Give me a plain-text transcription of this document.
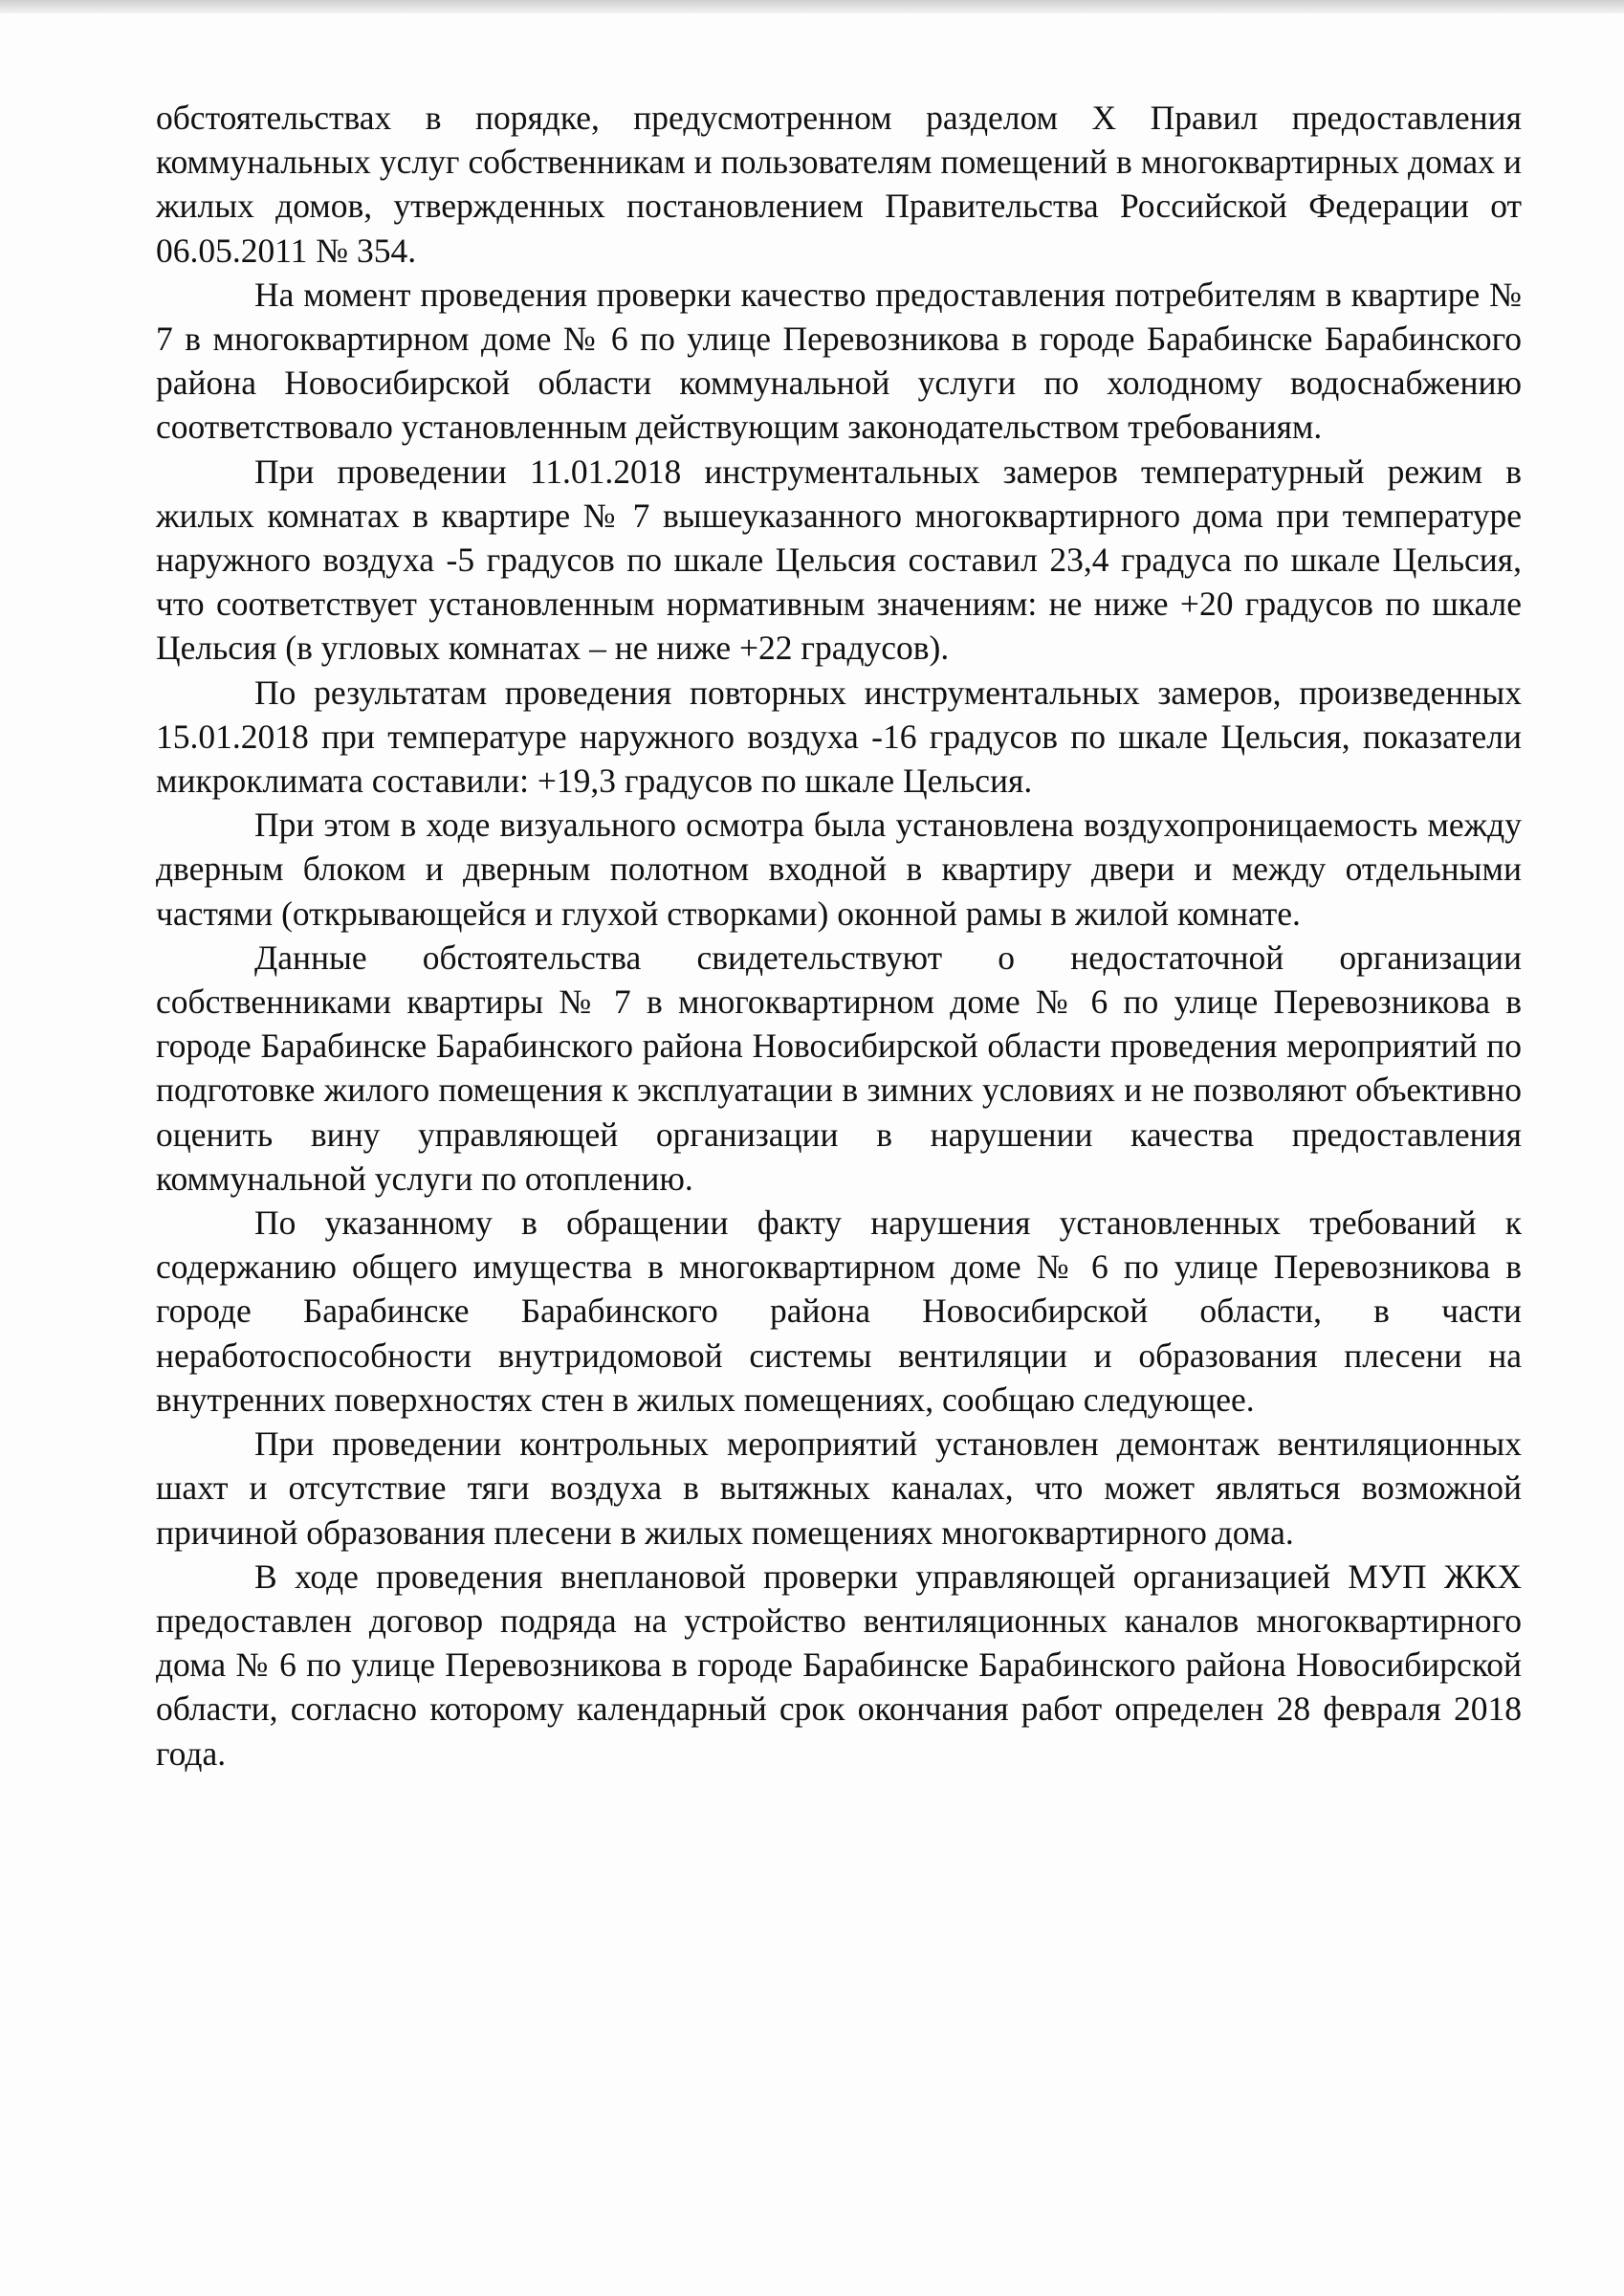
обстоятельствах в порядке, предусмотренном разделом X Правил предоставления коммунальных услуг собственникам и пользователям помещений в многоквартирных домах и жилых домов, утвержденных постановлением Правительства Российской Федерации от 06.05.2011 № 354.

На момент проведения проверки качество предоставления потребителям в квартире № 7 в многоквартирном доме № 6 по улице Перевозникова в городе Барабинске Барабинского района Новосибирской области коммунальной услуги по холодному водоснабжению соответствовало установленным действующим законодательством требованиям.

При проведении 11.01.2018 инструментальных замеров температурный режим в жилых комнатах в квартире № 7 вышеуказанного многоквартирного дома при температуре наружного воздуха -5 градусов по шкале Цельсия составил 23,4 градуса по шкале Цельсия, что соответствует установленным нормативным значениям: не ниже +20 градусов по шкале Цельсия (в угловых комнатах – не ниже +22 градусов).

По результатам проведения повторных инструментальных замеров, произведенных 15.01.2018 при температуре наружного воздуха -16 градусов по шкале Цельсия, показатели микроклимата составили: +19,3 градусов по шкале Цельсия.

При этом в ходе визуального осмотра была установлена воздухопроницаемость между дверным блоком и дверным полотном входной в квартиру двери и между отдельными частями (открывающейся и глухой створками) оконной рамы в жилой комнате.

Данные обстоятельства свидетельствуют о недостаточной организации собственниками квартиры № 7 в многоквартирном доме № 6 по улице Перевозникова в городе Барабинске Барабинского района Новосибирской области проведения мероприятий по подготовке жилого помещения к эксплуатации в зимних условиях и не позволяют объективно оценить вину управляющей организации в нарушении качества предоставления коммунальной услуги по отоплению.

По указанному в обращении факту нарушения установленных требований к содержанию общего имущества в многоквартирном доме № 6 по улице Перевозникова в городе Барабинске Барабинского района Новосибирской области, в части неработоспособности внутридомовой системы вентиляции и образования плесени на внутренних поверхностях стен в жилых помещениях, сообщаю следующее.

При проведении контрольных мероприятий установлен демонтаж вентиляционных шахт и отсутствие тяги воздуха в вытяжных каналах, что может являться возможной причиной образования плесени в жилых помещениях многоквартирного дома.

В ходе проведения внеплановой проверки управляющей организацией МУП ЖКХ предоставлен договор подряда на устройство вентиляционных каналов многоквартирного дома № 6 по улице Перевозникова в городе Барабинске Барабинского района Новосибирской области, согласно которому календарный срок окончания работ определен 28 февраля 2018 года.
